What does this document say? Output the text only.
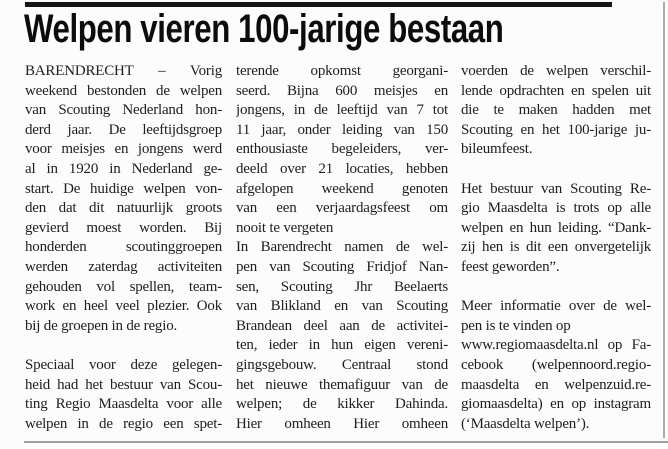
Welpen vieren 100-jarige bestaan
BARENDRECHT – Vorig
weekend bestonden de welpen
van Scouting Nederland hon-
derd jaar. De leeftijdsgroep
voor meisjes en jongens werd
al in 1920 in Nederland ge-
start. De huidige welpen von-
den dat dit natuurlijk groots
gevierd moest worden. Bij
honderden scoutinggroepen
werden zaterdag activiteiten
gehouden vol spellen, team-
work en heel veel plezier. Ook
bij de groepen in de regio.
Speciaal voor deze gelegen-
heid had het bestuur van Scou-
ting Regio Maasdelta voor alle
welpen in de regio een spet-
terende opkomst georgani-
seerd. Bijna 600 meisjes en
jongens, in de leeftijd van 7 tot
11 jaar, onder leiding van 150
enthousiaste begeleiders, ver-
deeld over 21 locaties, hebben
afgelopen weekend genoten
van een verjaardagsfeest om
nooit te vergeten
In Barendrecht namen de wel-
pen van Scouting Fridjof Nan-
sen, Scouting Jhr Beelaerts
van Blikland en van Scouting
Brandean deel aan de activitei-
ten, ieder in hun eigen vereni-
gingsgebouw. Centraal stond
het nieuwe themafiguur van de
welpen; de kikker Dahinda.
Hier omheen Hier omheen
voerden de welpen verschil-
lende opdrachten en spelen uit
die te maken hadden met
Scouting en het 100-jarige ju-
bileumfeest.
Het bestuur van Scouting Re-
gio Maasdelta is trots op alle
welpen en hun leiding. “Dank-
zij hen is dit een onvergetelijk
feest geworden”.
Meer informatie over de wel-
pen is te vinden op
www.regiomaasdelta.nl op Fa-
cebook (welpennoord.regio-
maasdelta en welpenzuid.re-
giomaasdelta) en op instagram
(‘Maasdelta welpen’).
